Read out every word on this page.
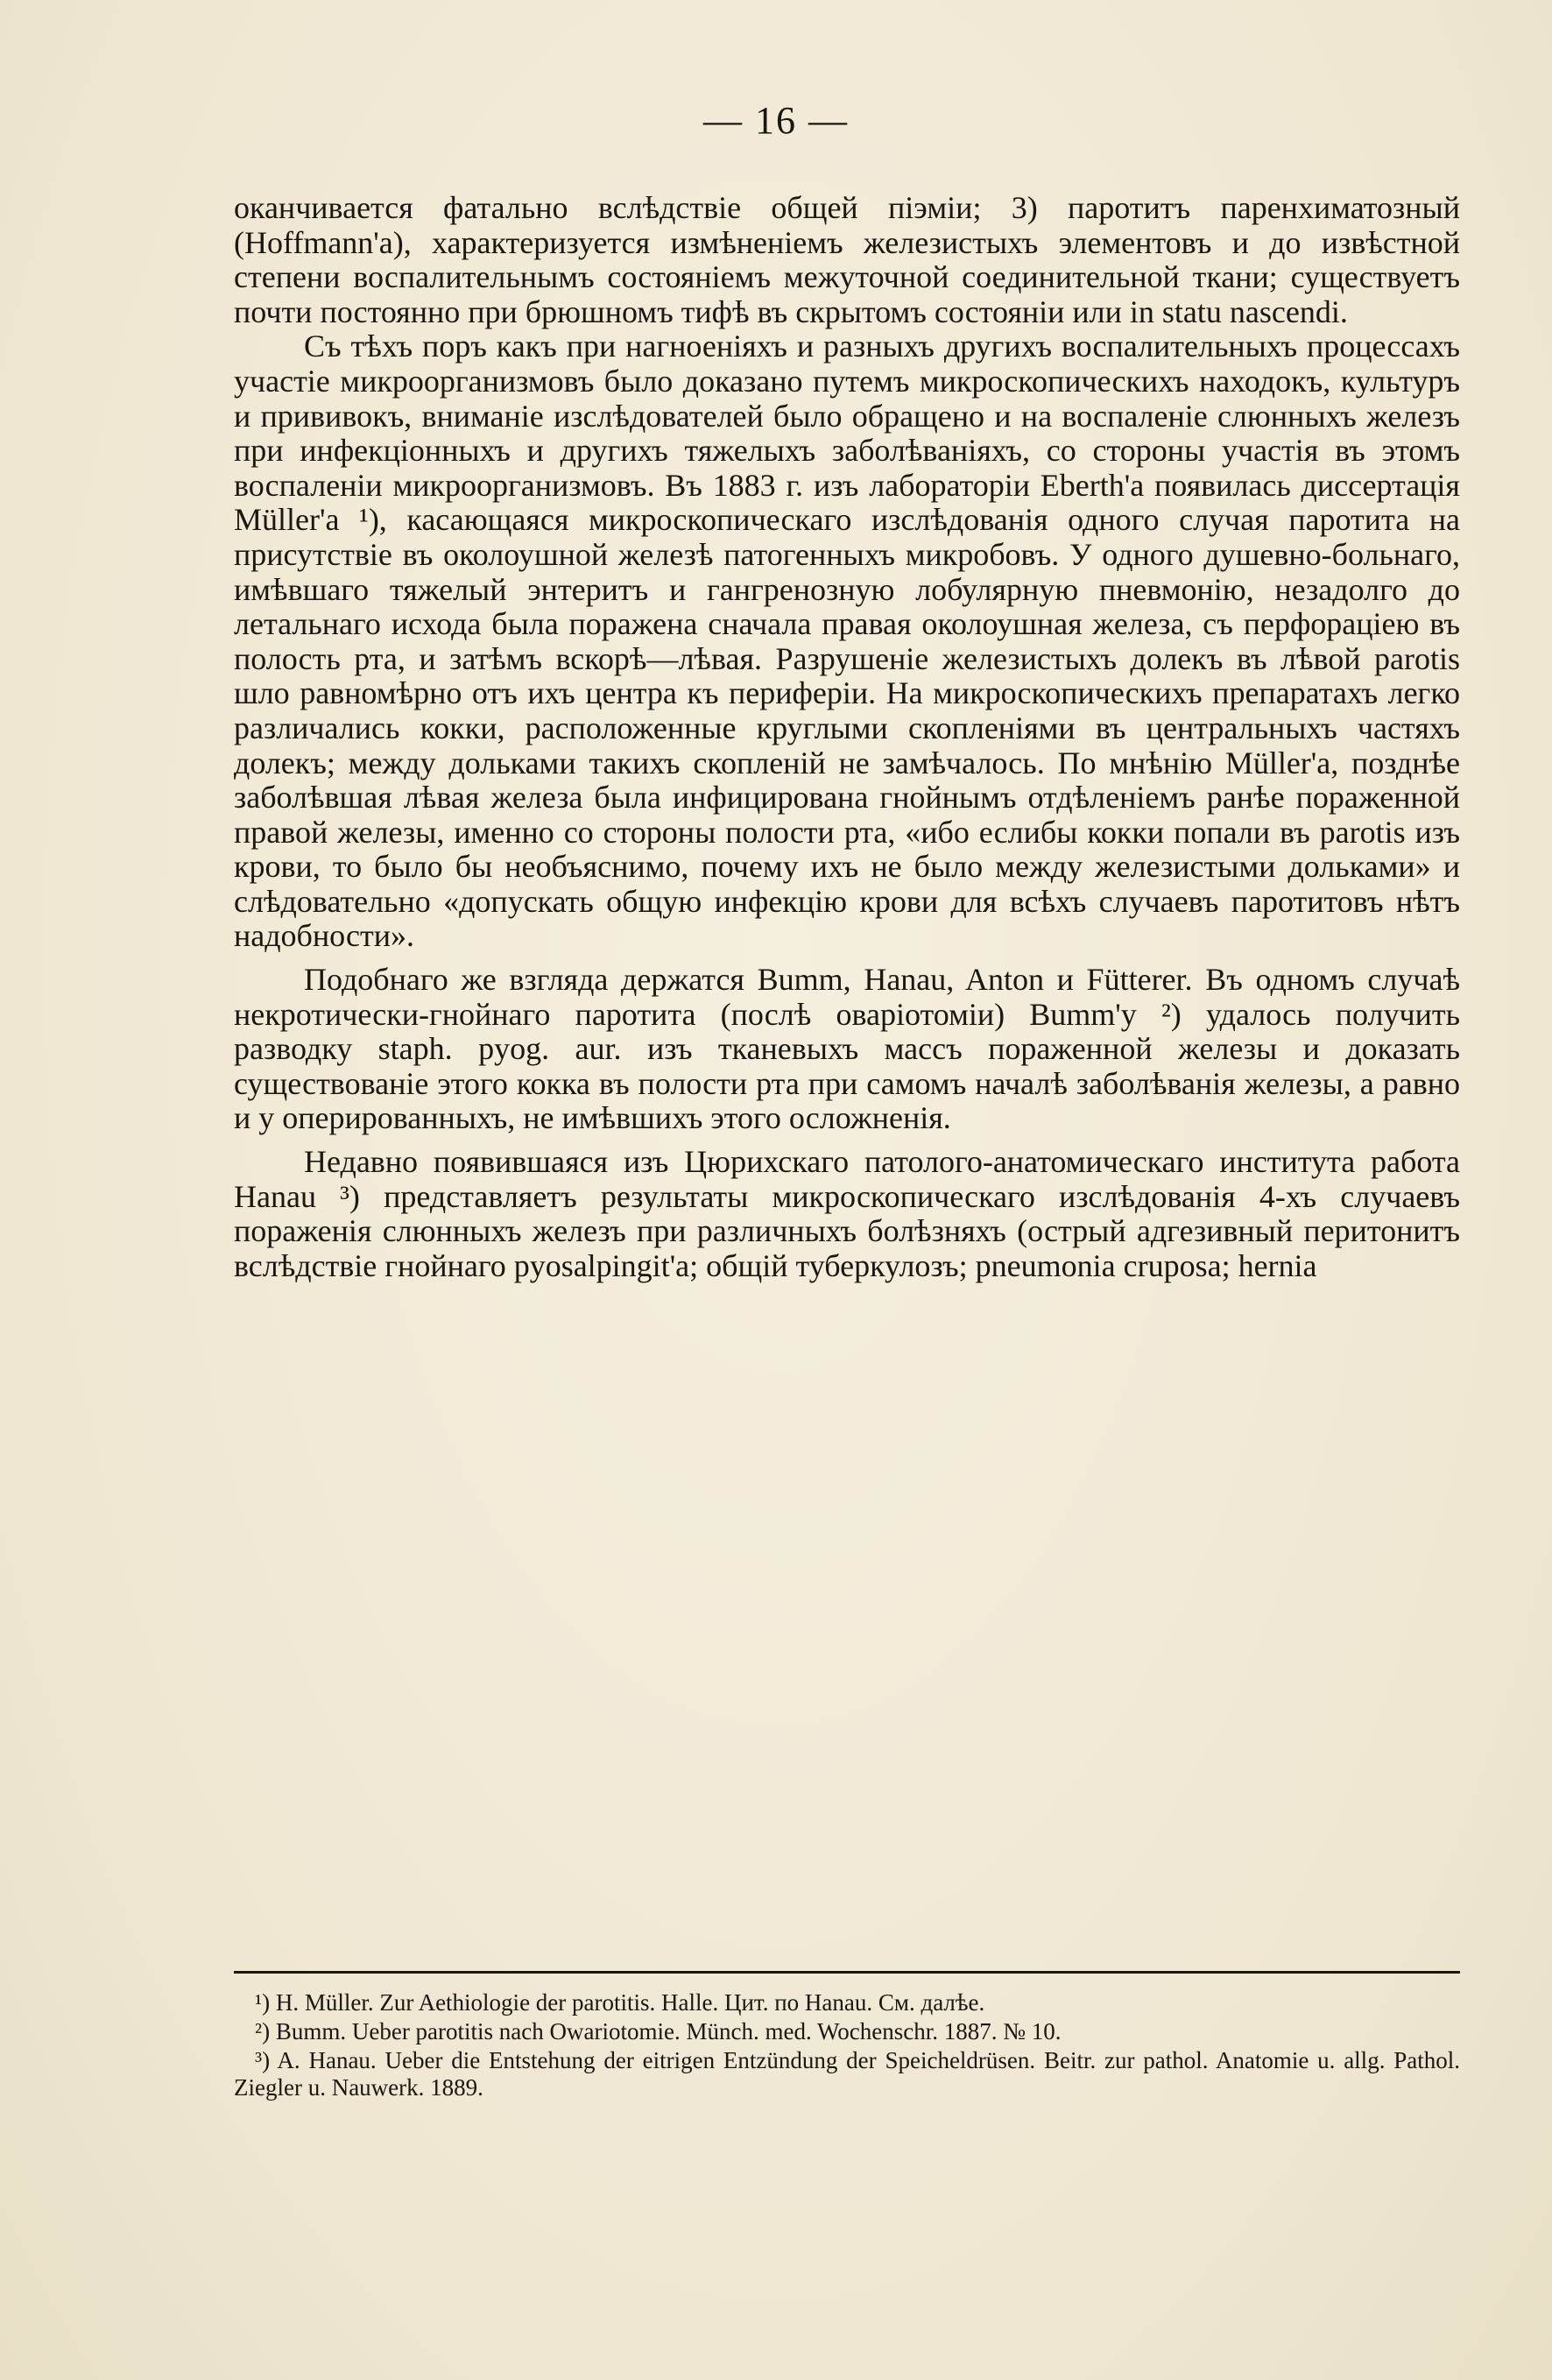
— 16 —

оканчивается фатально вслѣдствіе общей піэміи; 3) паротитъ паренхиматозный (Hoffmann'а), характеризуется измѣненіемъ железистыхъ элементовъ и до извѣстной степени воспалительнымъ состояніемъ межуточной соединительной ткани; существуетъ почти постоянно при брюшномъ тифѣ въ скрытомъ состояніи или in statu nascendi.

Съ тѣхъ поръ какъ при нагноеніяхъ и разныхъ другихъ воспалительныхъ процессахъ участіе микроорганизмовъ было доказано путемъ микроскопическихъ находокъ, культуръ и прививокъ, вниманіе изслѣдователей было обращено и на воспаленіе слюнныхъ железъ при инфекціонныхъ и другихъ тяжелыхъ заболѣваніяхъ, со стороны участія въ этомъ воспаленіи микроорганизмовъ. Въ 1883 г. изъ лабораторіи Eberth'а появилась диссертація Müller'а ¹), касающаяся микроскопическаго изслѣдованія одного случая паротита на присутствіе въ околоушной железѣ патогенныхъ микробовъ. У одного душевно-больнаго, имѣвшаго тяжелый энтеритъ и гангренозную лобулярную пневмонію, незадолго до летальнаго исхода была поражена сначала правая околоушная железа, съ перфораціею въ полость рта, и затѣмъ вскорѣ—лѣвая. Разрушеніе железистыхъ долекъ въ лѣвой parotis шло равномѣрно отъ ихъ центра къ периферіи. На микроскопическихъ препаратахъ легко различались кокки, расположенные круглыми скопленіями въ центральныхъ частяхъ долекъ; между дольками такихъ скопленій не замѣчалось. По мнѣнію Müller'а, позднѣе заболѣвшая лѣвая железа была инфицирована гнойнымъ отдѣленіемъ ранѣе пораженной правой железы, именно со стороны полости рта, «ибо еслибы кокки попали въ parotis изъ крови, то было бы необъяснимо, почему ихъ не было между железистыми дольками» и слѣдовательно «допускать общую инфекцію крови для всѣхъ случаевъ паротитовъ нѣтъ надобности».

Подобнаго же взгляда держатся Bumm, Hanau, Anton и Fütterer. Въ одномъ случаѣ некротически-гнойнаго паротита (послѣ оваріотоміи) Bumm'у ²) удалось получить разводку staph. pyog. aur. изъ тканевыхъ массъ пораженной железы и доказать существованіе этого кокка въ полости рта при самомъ началѣ заболѣванія железы, а равно и у оперированныхъ, не имѣвшихъ этого осложненія.

Недавно появившаяся изъ Цюрихскаго патолого-анатомическаго института работа Hanau ³) представляетъ результаты микроскопическаго изслѣдованія 4-хъ случаевъ пораженія слюнныхъ железъ при различныхъ болѣзняхъ (острый адгезивный перитонитъ вслѣдствіе гнойнаго pyosalpingit'а; общій туберкулозъ; pneumonia cruposa; hernia

¹) H. Müller. Zur Aethiologie der parotitis. Halle. Цит. по Hanau. См. далѣе.

²) Bumm. Ueber parotitis nach Owariotomie. Münch. med. Wochenschr. 1887. № 10.

³) A. Hanau. Ueber die Entstehung der eitrigen Entzündung der Speicheldrüsen. Beitr. zur pathol. Anatomie u. allg. Pathol. Ziegler u. Nauwerk. 1889.
